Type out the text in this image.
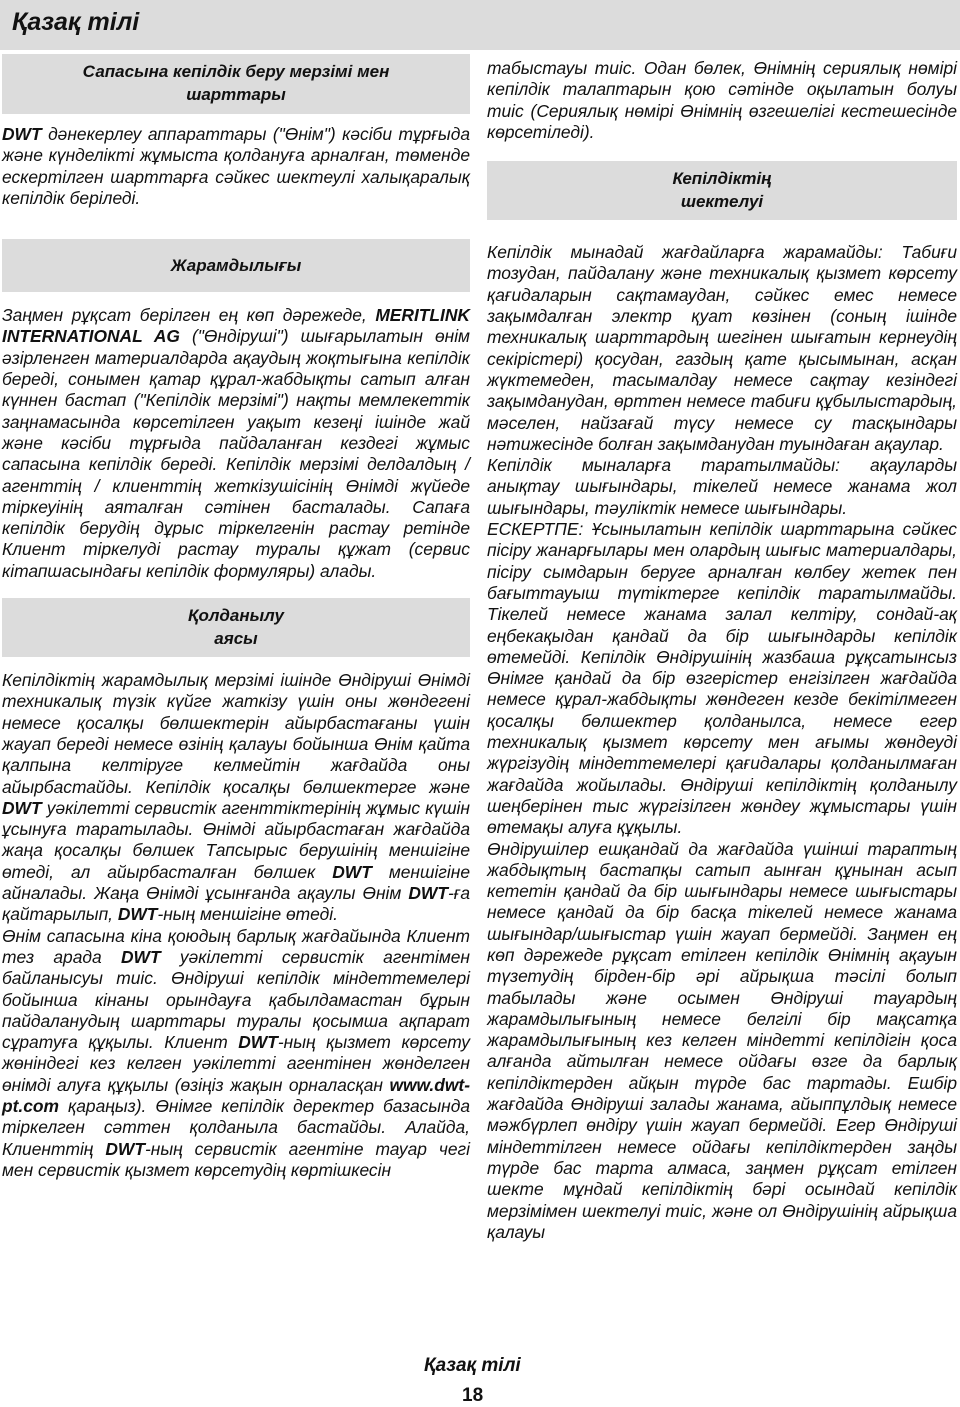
Қазақ тілі
Сапасына кепілдік беру мерзімі мен
шарттары

DWT дәнекерлеу аппараттары ("Өнім") кәсіби тұрғыда және күнделікті жұмыста қолдануға арналған, төменде ескертілген шарттарға сәйкес шектеулі халықаралық кепілдік беріледі.

Жарамдылығы

Заңмен рұқсат берілген ең көп дәрежеде, MERITLINK INTERNATIONAL AG ("Өндіруші") шығарылатын өнім әзірленген материалдарда ақаудың жоқтығына кепілдік береді, сонымен қатар құрал-жабдықты сатып алған күннен бастап ("Кепілдік мерзімі") нақты мемлекеттік заңнамасында көрсетілген уақыт кезеңі ішінде жай және кәсіби тұрғыда пайдаланған кездегі жұмыс сапасына кепілдік береді. Кепілдік мерзімі делдалдың / агенттің / клиенттің жеткізушісінің Өнімді жүйеде тіркеуінің аяталған сәтінен басталады. Сапаға кепілдік берудің дұрыс тіркелгенін растау ретінде Клиент тіркелуді растау туралы құжат (сервис кітапшасындағы кепілдік формуляры) алады.

Қолданылу
аясы

Кепілдіктің жарамдылық мерзімі ішінде Өндіруші Өнімді техникалық түзік күйге жаткізу үшін оны жөндегені немесе қосалқы бөлшектерін айырбастағаны үшін жауап береді немесе өзінің қалауы бойынша Өнім қайта қалпына келтіруге келмейтін жағдайда оны айырбастайды. Кепілдік қосалқы бөлшектерге және DWT уәкілетті сервистік агенттіктерінің жұмыс күшін ұсынуға таратылады. Өнімді айырбастаған жағдайда жаңа қосалқы бөлшек Тапсырыс берушінің меншігіне өтеді, ал айырбасталған бөлшек DWT меншігіне айналады. Жаңа Өнімді ұсынғанда ақаулы Өнім DWT-ға қайтарылып, DWT-ның меншігіне өтеді.

Өнім сапасына кіна қоюдың барлық жағдайында Клиент тез арада DWT уәкілетті сервистік агентімен байланысуы тиіс. Өндіруші кепілдік міндеттемелері бойынша кінаны орындауға қабылдамастан бұрын пайдаланудың шарттары туралы қосымша ақпарат сұратуға құқылы. Клиент DWT-ның қызмет көрсету жөніндегі кез келген уәкілетті агентінен жөнделген өнімді алуға құқылы (өзіңіз жақын орналасқан www.dwt-pt.com қараңыз). Өнімге кепілдік деректер базасында тіркелген сәттен қолданыла бастайды. Алайда, Клиенттің DWT-ның сервистік агентіне тауар чегі мен сервистік қызмет көрсетудің көртішкесін

табыстауы тиіс. Одан бөлек, Өнімнің сериялық нөмірі кепілдік талаптарын қою сәтінде оқылатын болуы тиіс (Сериялық нөмірі Өнімнің өзгешелігі кестешесінде көрсетіледі).

Кепілдіктің
шектелуі

Кепілдік мынадай жағдайларға жарамайды: Табиғи тозудан, пайдалану және техникалық қызмет көрсету қағидаларын сақтамаудан, сәйкес емес немесе зақымдалған электр қуат көзінен (соның ішінде техникалық шарттардың шегінен шығатын кернеудің секірістері) қосудан, газдың қате қысымынан, асқан жүктемеден, тасымалдау немесе сақтау кезіндегі зақымданудан, өрттен немесе табиғи құбылыстардың, мәселен, найзағай түсу немесе су тасқындары нәтижесінде болған зақымданудан туындаған ақаулар.

Кепілдік мыналарға таратылмайды: ақауларды анықтау шығындары, тікелей немесе жанама жол шығындары, тәуліктік немесе шығындары.

ЕСКЕРТПЕ: Ұсынылатын кепілдік шарттарына сәйкес пісіру жанарғылары мен олардың шығыс материалдары, пісіру сымдарын беруге арналған көлбеу жетек пен бағыттауыш түтіктерге кепілдік таратылмайды. Тікелей немесе жанама залал келтіру, сондай-ақ еңбекақыдан қандай да бір шығындарды кепілдік өтемейді. Кепілдік Өндірушінің жазбаша рұқсатынсыз Өнімге қандай да бір өзгерістер енгізілген жағдайда немесе құрал-жабдықты жөндеген кезде бекітілмеген қосалқы бөлшектер қолданылса, немесе егер техникалық қызмет көрсету мен ағымы жөндеуді жүргізудің міндеттемелері қағидалары қолданылмаған жағдайда жойылады. Өндіруші кепілдіктің қолданылу шеңберінен тыс жүргізілген жөндеу жұмыстары үшін өтемақы алуға құқылы.

Өндірушілер ешқандай да жағдайда үшінші тараптың жабдықтың бастапқы сатып аынған құнынан асып кететін қандай да бір шығындары немесе шығыстары немесе қандай да бір басқа тікелей немесе жанама шығындар/шығыстар үшін жауап бермейді. Заңмен ең көп дәрежеде рұқсат етілген кепілдік Өнімнің ақауын түзетудің бірден-бір әрі айрықша тәсілі болып табылады және осымен Өндіруші тауардың жарамдылығының немесе белгілі бір мақсатқа жарамдылығының кез келген міндетті кепілдігін қоса алғанда айтылған немесе ойдағы өзге да барлық кепілдіктерден айқын түрде бас тартады. Ешбір жағдайда Өндіруші залады жанама, айыппұлдық немесе мәжбүрлеп өндіру үшін жауап бермейді. Егер Өндіруші міндеттілген немесе ойдағы кепілдіктерден заңды түрде бас тарта алмаса, заңмен рұқсат етілген шекте мұндай кепілдіктің бәрі осындай кепілдік мерзімімен шектелуі тиіс, және ол Өндірушінің айрықша қалауы

Қазақ тілі
18
